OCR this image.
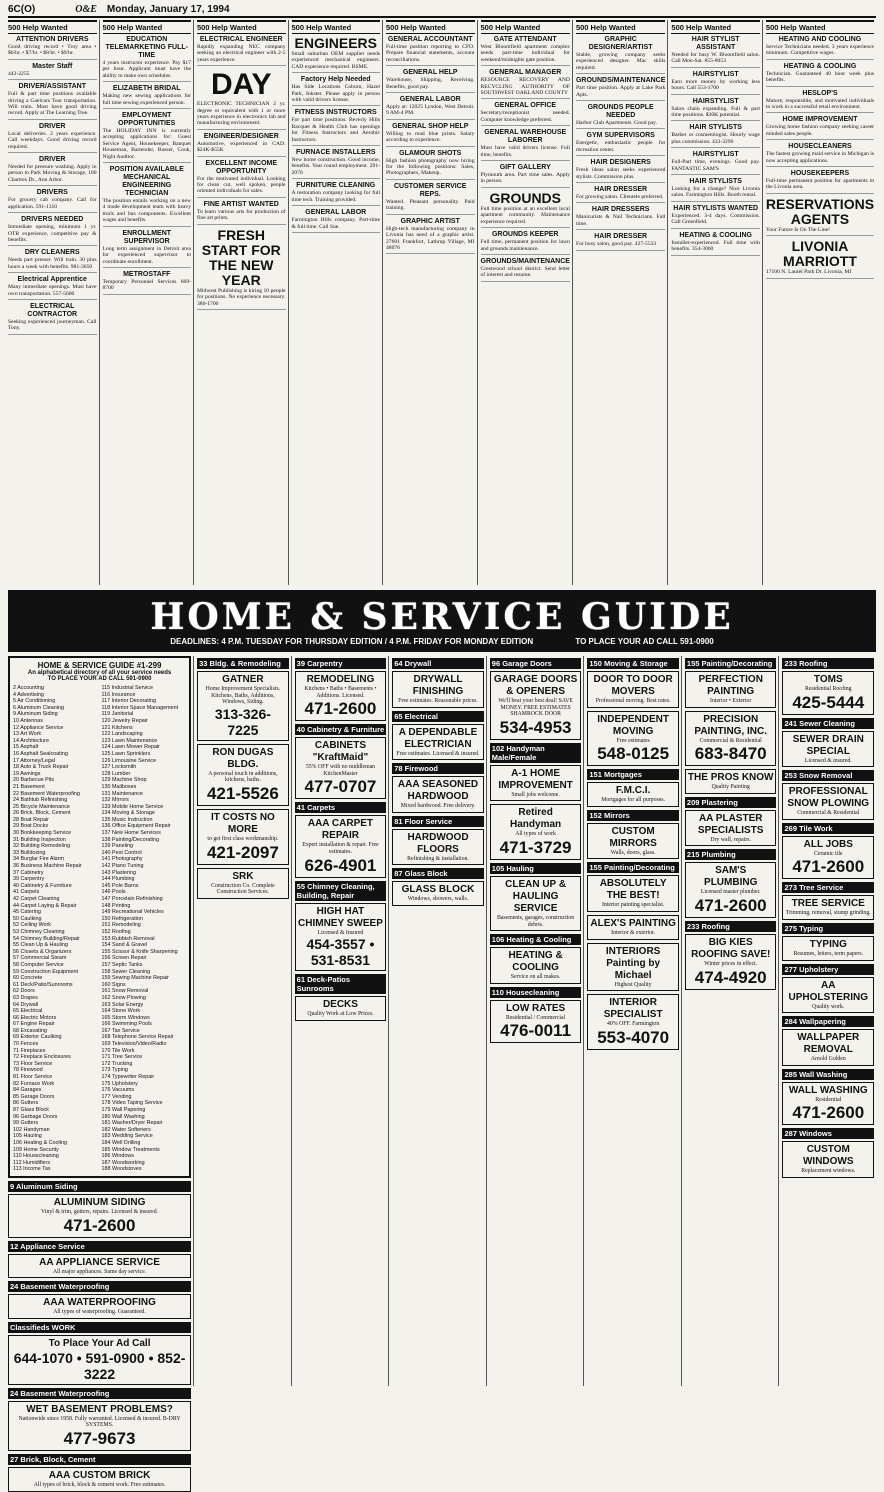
6C(O)	O&E Monday, January 17, 1994
500 Help Wanted
ATTENTION DRIVERS
Good driving record • Troy area • $6/hr. • $7/hr. • $8/hr. • $9/hr.
Master Staff
442-2255
DRIVER/ASSISTANT
Full & part time positions available driving a Gaelcars Tour transportation. Will train. Must have good driving record. Apply at The Learning Tree.
DRIVER
Local deliveries. 2 years experience. Call weekdays. Good driving record required.
DRIVER
Needed for pressure washing. Apply in person to Park Moving & Storage, 100 Chartres Dr., Ann Arbor.
DRIVERS
For grocery cab company. Call for application. 591-1310
DRIVERS NEEDED
Immediate opening, minimum 1 yr. OTR experience, competitive pay & benefits.
DRY CLEANERS
Needs part presser. Will train. 30 plus hours a week with benefits. 981-3650
Electrical Apprentice
Many immediate openings. Must have own transportation. 557-5600
ELECTRICAL CONTRACTOR
Seeking experienced journeyman. Call Tony.
500 Help Wanted
EDUCATION TELEMARKETING FULL-TIME
4 years instructor experience. Pay $17 per hour. Applicant must have the ability to make own schedules.
ELIZABETH BRIDAL
Making new sewing applications for full time sewing experienced person.
EMPLOYMENT OPPORTUNITIES
The HOLIDAY INN is currently accepting applications for: Guest Service Agent, Housekeeper, Banquet Houseman, Bartender, Busser, Cook, Night Auditor.
POSITION AVAILABLE MECHANICAL ENGINEERING TECHNICIAN
The position entails working on a new 4 mode development team with heavy truck and bus components. Excellent wages and benefits.
ENROLLMENT SUPERVISOR
Long term assignment in Detroit area for experienced supervisor to coordinate enrollment.
METROSTAFF
Temporary Personnel Services 669-8700
500 Help Wanted
ELECTRICAL ENGINEER
Rapidly expanding NEC company seeking an electrical engineer with 2-5 years experience.
DAY
ELECTRONIC TECHNICIAN 2 yr. degree or equivalent with 1 or more years experience in electronics lab and manufacturing environment.
ENGINEER/DESIGNER
Automotive, experienced in CAD. $24K-$55K
EXCELLENT INCOME OPPORTUNITY
For the motivated individual. Looking for clean cut, well spoken, people oriented individuals for sales.
FINE ARTIST WANTED
To learn various arts for production of fine art prints.
FRESH START FOR THE NEW YEAR
Midwest Publishing is hiring 10 people for positions. No experience necessary. 380-1700
500 Help Wanted
ENGINEERS
Small suburban OEM supplier needs experienced mechanical engineers. CAD experience required. BSME.
Factory Help Needed
Has Side Locations Coburn, Hazel Park, Inkster. Please apply in person with valid drivers license.
FITNESS INSTRUCTORS
For part time positions. Beverly Hills Racquet & Health Club has openings for Fitness Instructors and Aerobic Instructors.
FURNACE INSTALLERS
New home construction. Good income, benefits. Year round employment. 291-2070
FURNITURE CLEANING
A restoration company looking for full time tech. Training provided.
GENERAL LABOR
Farmington Hills company. Part-time & full time. Call Sue.
500 Help Wanted
GENERAL ACCOUNTANT
Full-time position reporting to CFO. Prepare financial statements, account reconciliations.
GENERAL HELP
Warehouse, Shipping, Receiving. Benefits, good pay.
GENERAL LABOR
Apply at: 12025 Lyndon, West Detroit. 9 AM-4 PM.
GENERAL SHOP HELP
Willing to read blue prints. Salary according to experience.
GLAMOUR SHOTS
High fashion photography now hiring for the following positions: Sales, Photographers, Makeup.
CUSTOMER SERVICE REPS.
Wanted. Pleasant personality. Paid training.
GRAPHIC ARTIST
High-tech manufacturing company in Livonia has need of a graphic artist. 27601 Frankfort, Lathrup Village, MI 48076
500 Help Wanted
GATE ATTENDANT
West Bloomfield apartment complex needs part-time individual for weekend/midnights gate position.
GENERAL MANAGER
RESOURCE RECOVERY AND RECYCLING AUTHORITY OF SOUTHWEST OAKLAND COUNTY
GENERAL OFFICE
Secretary/receptionist needed. Computer knowledge preferred.
GENERAL WAREHOUSE LABORER
Must have valid drivers license. Full time, benefits.
GIFT GALLERY
Plymouth area. Part time sales. Apply in person.
GROUNDS
Full time position at an excellent local apartment community. Maintenance experience required.
GROUNDS KEEPER
Full time, permanent position for lawn and grounds maintenance.
GROUNDS/MAINTENANCE
Crestwood school district. Send letter of interest and resume.
500 Help Wanted
GRAPHIC DESIGNER/ARTIST
Stable, growing company seeks experienced designer. Mac skills required.
GROUNDS/MAINTENANCE
Part time position. Apply at Lake Park Apts.
GROUNDS PEOPLE NEEDED
Harbor Club Apartments. Good pay.
GYM SUPERVISORS
Energetic, enthusiastic people for recreation center.
HAIR DESIGNERS
Fresh ideas salon seeks experienced stylists. Commission plus.
HAIR DRESSER
For growing salon. Clientele preferred.
HAIR DRESSERS
Manicurists & Nail Technicians. Full time.
HAIR DRESSER
For busy salon, good pay. 427-5533
500 Help Wanted
HAIR STYLIST ASSISTANT
Needed for busy W. Bloomfield salon. Call Mon-Sat. 855-8053
HAIRSTYLIST
Earn more money by working less hours. Call 553-1700
HAIRSTYLIST
Salon chain expanding. Full & part time positions. $30K potential.
HAIR STYLISTS
Barber or cosmetologist. Hourly wage plus commission. 433-3290
HAIRSTYLIST
Full-Part time, evenings. Good pay. FANTASTIC SAM'S
HAIR STYLISTS
Looking for a change? Nice Livonia salon. Farmington Hills. Booth rental.
HAIR STYLISTS WANTED
Experienced. 3-4 days. Commission. Call Greenfield.
HEATING & COOLING
Installer-experienced. Full time with benefits. 354-3060
500 Help Wanted
HEATING AND COOLING
Service Technicians needed. 3 years experience minimum. Competitive wages.
HEATING & COOLING
Technician. Guaranteed 40 hour week plus benefits.
HESLOP'S
Mature, responsible, and motivated individuals to work in a successful retail environment.
HOME IMPROVEMENT
Growing home fashion company seeking career minded sales people.
HOUSECLEANERS
The fastest growing maid service in Michigan is now accepting applications.
HOUSEKEEPERS
Full-time permanent position for apartments in the Livonia area.
RESERVATIONS AGENTS
Your Future Is On The Line!
LIVONIA MARRIOTT
17100 N. Laurel Park Dr. Livonia, MI
HOME & SERVICE GUIDE
DEADLINES: 4 P.M. TUESDAY FOR THURSDAY EDITION / 4 P.M. FRIDAY FOR MONDAY EDITION	TO PLACE YOUR AD CALL 591-0900
HOME & SERVICE GUIDE #1-299
An alphabetical directory of all your service needs
TO PLACE YOUR AD CALL 591-0900
2 Accounting
4 Advertising
5 Air Conditioning
6 Aluminum Cleaning
9 Aluminum Siding
10 Antennas
12 Appliance Service
13 Art Work
14 Architecture
15 Asphalt
16 Asphalt Sealcoating
17 Attorney/Legal
18 Auto & Truck Repair
19 Awnings
20 Barbecue Pits
21 Basement
22 Basement Waterproofing
24 Bathtub Refinishing
25 Bicycle Maintenance
26 Brick, Block, Cement
28 Boat Repair
29 Boat Docks
30 Bookkeeping Service
31 Building Inspection
32 Building Remodeling
33 Bulldozing
34 Burglar Fire Alarm
36 Business Machine Repair
37 Cabinetry
39 Carpentry
40 Cabinetry & Furniture
41 Carpets
42 Carpet Cleaning
44 Carpet Laying & Repair
45 Catering
50 Caulking
52 Ceiling Work
53 Chimney Cleaning
54 Chimney Building/Repair
55 Clean Up & Hauling
56 Closets & Organizers
57 Commercial Steam
58 Computer Service
59 Construction Equipment
60 Concrete
61 Deck/Patio/Sunrooms
62 Doors
63 Drapes
64 Drywall
65 Electrical
66 Electric Motors
67 Engine Repair
68 Excavating
69 Exterior Caulking
70 Fences
71 Fireplaces
72 Fireplace Enclosures
73 Floor Service
78 Firewood
81 Floor Service
82 Furnace Work
84 Garages
85 Garage Doors
86 Gutters
87 Glass Block
96 Garbage Doors
99 Gutters
102 Handyman
105 Hauling
106 Heating & Cooling
109 Home Security
110 Housecleaning
112 Humidifiers
113 Income Tax
115 Industrial Service
116 Insurance
117 Interior Decorating
118 Interior Space Management
119 Janitorial
120 Jewelry Repair
121 Kitchens
122 Landscaping
123 Lawn Maintenance
124 Lawn Mower Repair
125 Lawn Sprinklers
126 Limousine Service
127 Locksmith
128 Lumber
129 Machine Shop
130 Mailboxes
131 Maintenance
132 Mirrors
133 Mobile Home Service
134 Moving & Storage
135 Music Instruction
136 Office Equipment Repair
137 New Home Services
138 Painting/Decorating
139 Paneling
140 Pest Control
141 Photography
142 Piano Tuning
143 Plastering
144 Plumbing
145 Pole Barns
146 Pools
147 Porcelain Refinishing
148 Printing
149 Recreational Vehicles
150 Refrigeration
151 Remodeling
152 Roofing
153 Rubbish Removal
154 Sand & Gravel
155 Scissor & Knife Sharpening
156 Screen Repair
157 Septic Tanks
158 Sewer Cleaning
159 Sewing Machine Repair
160 Signs
161 Snow Removal
162 Snow Plowing
163 Solar Energy
164 Stone Work
165 Storm Windows
166 Swimming Pools
167 Tax Service
168 Telephone Service Repair
169 Television/Video/Radio
170 Tile Work
171 Tree Service
172 Trucking
173 Typing
174 Typewriter Repair
175 Upholstery
176 Vacuums
177 Vending
178 Video Taping Service
179 Wall Papering
180 Wall Washing
181 Washer/Dryer Repair
182 Water Softeners
183 Wedding Service
184 Well Drilling
185 Window Treatments
186 Windows
187 Woodworking
188 Woodstoves
9 Aluminum Siding
ALUMINUM SIDING
Vinyl & trim, gutters, repairs. Licensed & insured.
471-2600
12 Appliance Service
AA APPLIANCE SERVICE
All major appliances. Same day service.
24 Basement Waterproofing
AAA WATERPROOFING
All types of waterproofing. Guaranteed.
Classifieds WORK
To Place Your Ad Call
644-1070 • 591-0900 • 852-3222
24 Basement Waterproofing
WET BASEMENT PROBLEMS?
Nationwide since 1958. Fully warranted. Licensed & insured. B-DRY SYSTEMS.
477-9673
27 Brick, Block, Cement
AAA CUSTOM BRICK
All types of brick, block & cement work. Free estimates.
33 Bldg. & Remodeling
GATNER
Home Improvement Specialists. Kitchens, Baths, Additions, Windows, Siding.
313-326-7225
RON DUGAS BLDG.
A personal touch in additions, kitchens, baths.
421-5526
IT COSTS NO MORE
to get first class workmanship.
421-2097
SRK
Construction Co. Complete Construction Services.
39 Carpentry
REMODELING
Kitchens • Baths • Basements • Additions. Licensed.
471-2600
40 Cabinetry & Furniture
CABINETS "KraftMaid"
55% OFF with no middleman KitchenMaster
477-0707
41 Carpets
AAA CARPET REPAIR
Expert installation & repair. Free estimates.
626-4901
55 Chimney Cleaning, Building, Repair
HIGH HAT CHIMNEY SWEEP
Licensed & Insured
454-3557 • 531-8531
61 Deck-Patios Sunrooms
DECKS
Quality Work at Low Prices.
64 Drywall
DRYWALL FINISHING
Free estimates. Reasonable prices.
65 Electrical
A DEPENDABLE ELECTRICIAN
Free estimates. Licensed & insured.
78 Firewood
AAA SEASONED HARDWOOD
Mixed hardwood. Free delivery.
81 Floor Service
HARDWOOD FLOORS
Refinishing & installation.
87 Glass Block
GLASS BLOCK
Windows, showers, walls.
96 Garage Doors
GARAGE DOORS & OPENERS
We'll beat your best deal! SAVE MONEY. FREE ESTIMATES SHAMROCK DOOR
534-4953
102 Handyman Male/Female
A-1 HOME IMPROVEMENT
Small jobs welcome.
Retired Handyman
All types of work
471-3729
105 Hauling
CLEAN UP & HAULING SERVICE
Basements, garages, construction debris.
106 Heating & Cooling
HEATING & COOLING
Service on all makes.
110 Housecleaning
LOW RATES
Residential / Commercial
476-0011
150 Moving & Storage
DOOR TO DOOR MOVERS
Professional moving. Best rates.
INDEPENDENT MOVING
Free estimates
548-0125
151 Mortgages
F.M.C.I.
Mortgages for all purposes.
152 Mirrors
CUSTOM MIRRORS
Walls, doors, glass.
155 Painting/Decorating
ABSOLUTELY THE BEST!
Interior painting specialist.
ALEX'S PAINTING
Interior & exterior.
INTERIORS Painting by Michael
Highest Quality
INTERIOR SPECIALIST
40% OFF. Farmington
553-4070
155 Painting/Decorating
PERFECTION PAINTING
Interior • Exterior
PRECISION PAINTING, INC.
Commercial & Residential
683-8470
THE PROS KNOW
Quality Painting
209 Plastering
AA PLASTER SPECIALISTS
Dry wall, repairs.
215 Plumbing
SAM'S PLUMBING
Licensed master plumber.
471-2600
233 Roofing
BIG KIES ROOFING SAVE!
Winter prices in effect.
474-4920
233 Roofing
TOMS
Residential Roofing
425-5444
241 Sewer Cleaning
SEWER DRAIN SPECIAL
Licensed & insured.
253 Snow Removal
PROFESSIONAL SNOW PLOWING
Commercial & Residential
269 Tile Work
ALL JOBS
Ceramic tile
471-2600
273 Tree Service
TREE SERVICE
Trimming, removal, stump grinding.
275 Typing
TYPING
Resumes, letters, term papers.
277 Upholstery
AA UPHOLSTERING
Quality work.
284 Wallpapering
WALLPAPER REMOVAL
Arnold Golden
285 Wall Washing
WALL WASHING
Residential
471-2600
287 Windows
CUSTOM WINDOWS
Replacement windows.
